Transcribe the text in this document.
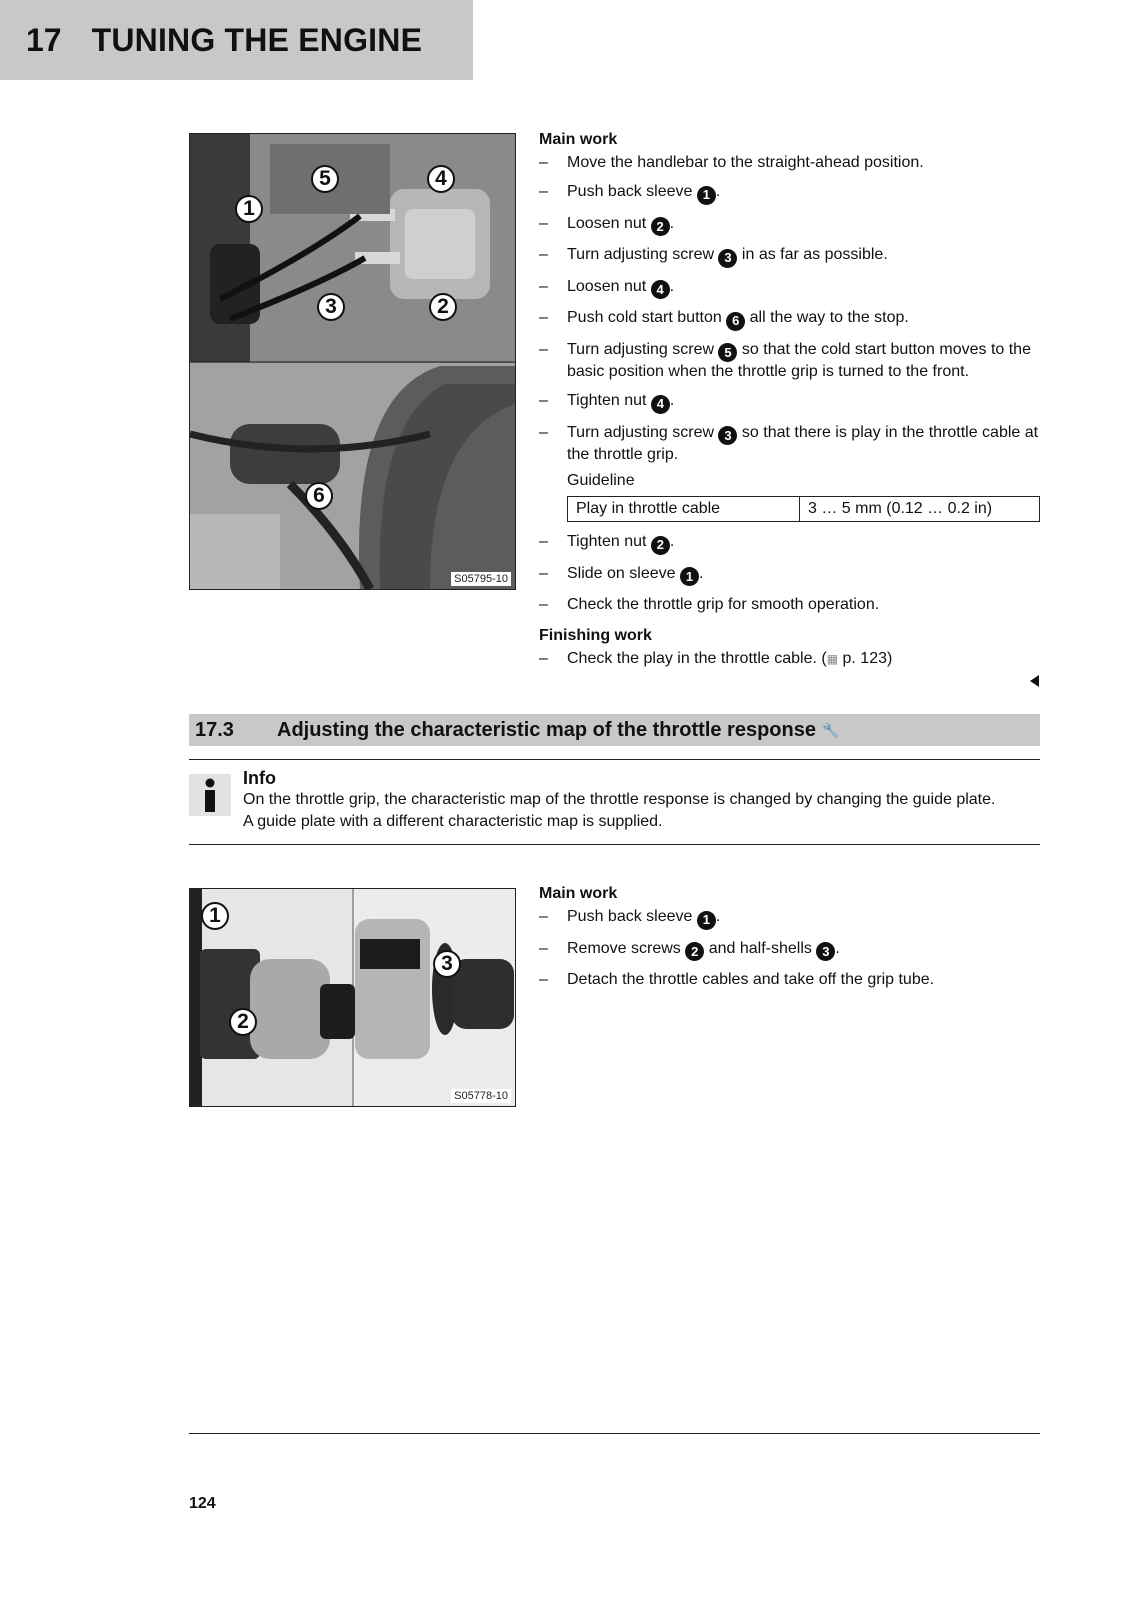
17 TUNING THE ENGINE
5	4
1
3	2
6
S05795-10
Main work
– Move the handlebar to the straight-ahead position.
– Push back sleeve 1 .
– Loosen nut 2 .
– Turn adjusting screw 3 in as far as possible.
– Loosen nut 4 .
– Push cold start button 6 all the way to the stop.
– Turn adjusting screw 5 so that the cold start button moves to the basic position when the throttle grip is turned to the front.
– Tighten nut 4 .
– Turn adjusting screw 3 so that there is play in the throttle cable at the throttle grip.
Guideline
Play in throttle cable	3 … 5 mm (0.12 … 0.2 in)
– Tighten nut 2 .
– Slide on sleeve 1 .
– Check the throttle grip for smooth operation.
Finishing work
– Check the play in the throttle cable. (▦ p. 123)
17.3	Adjusting the characteristic map of the throttle response 🔧
Info

On the throttle grip, the characteristic map of the throttle response is changed by changing the guide plate.

A guide plate with a different characteristic map is supplied.

1
2
3
S05778-10
Main work
– Push back sleeve 1 .
– Remove screws 2 and half-shells 3 .
– Detach the throttle cables and take off the grip tube.
124
